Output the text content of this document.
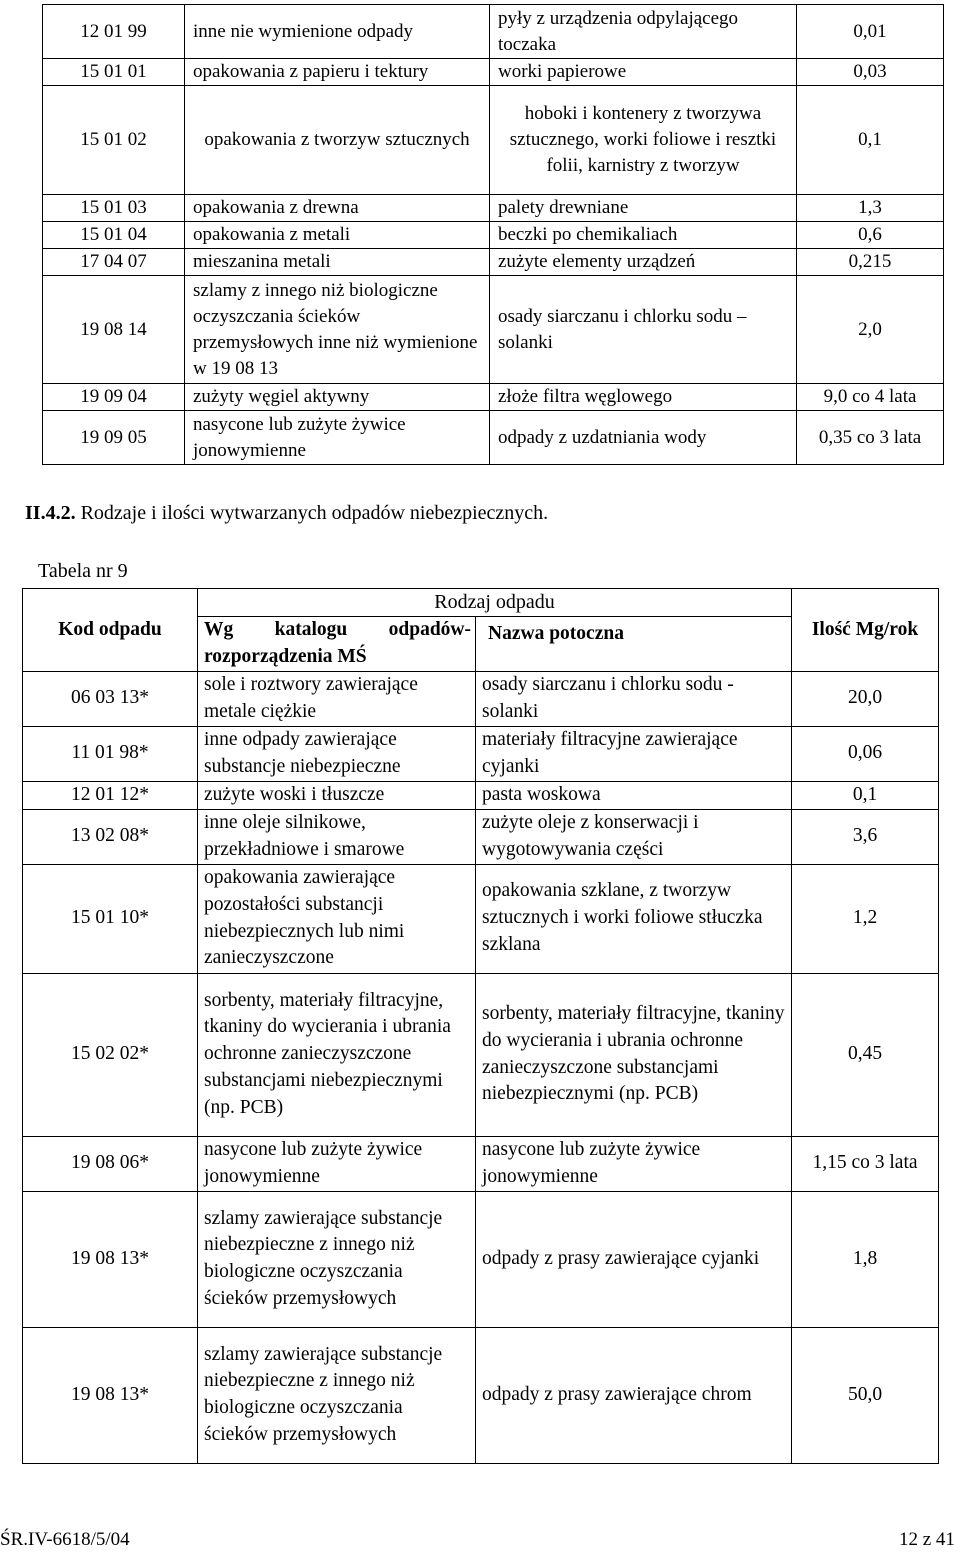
12 01 99	inne nie wymienione odpady	pyły z urządzenia odpylającego toczaka	0,01
15 01 01	opakowania z papieru i tektury	worki papierowe	0,03
15 01 02	opakowania z tworzyw sztucznych	hoboki i kontenery z tworzywa sztucznego, worki foliowe i resztki folii, karnistry z tworzyw	0,1
15 01 03	opakowania z drewna	palety drewniane	1,3
15 01 04	opakowania z metali	beczki po chemikaliach	0,6
17 04 07	mieszanina metali	zużyte elementy urządzeń	0,215
19 08 14	szlamy z innego niż biologiczne oczyszczania ścieków przemysłowych inne niż wymienione w 19 08 13	osady siarczanu i chlorku sodu – solanki	2,0
19 09 04	zużyty węgiel aktywny	złoże filtra węglowego	9,0 co 4 lata
19 09 05	nasycone lub zużyte żywice jonowymienne	odpady z uzdatniania wody	0,35 co 3 lata
II.4.2. Rodzaje i ilości wytwarzanych odpadów niebezpiecznych.
Tabela nr 9
Kod odpadu	Rodzaj odpadu		Ilość Mg/rok
	Wg katalogu odpadów- rozporządzenia MŚ	Nazwa potoczna	
06 03 13*	sole i roztwory zawierające metale ciężkie	osady siarczanu i chlorku sodu - solanki	20,0
11 01 98*	inne odpady zawierające substancje niebezpieczne	materiały filtracyjne zawierające cyjanki	0,06
12 01 12*	zużyte woski i tłuszcze	pasta woskowa	0,1
13 02 08*	inne oleje silnikowe, przekładniowe i smarowe	zużyte oleje z konserwacji i wygotowywania części	3,6
15 01 10*	opakowania zawierające pozostałości substancji niebezpiecznych lub nimi zanieczyszczone	opakowania szklane, z tworzyw sztucznych i worki foliowe stłuczka szklana	1,2
15 02 02*	sorbenty, materiały filtracyjne, tkaniny do wycierania i ubrania ochronne zanieczyszczone substancjami niebezpiecznymi (np. PCB)	sorbenty, materiały filtracyjne, tkaniny do wycierania i ubrania ochronne zanieczyszczone substancjami niebezpiecznymi (np. PCB)	0,45
19 08 06*	nasycone lub zużyte żywice jonowymienne	nasycone lub zużyte żywice jonowymienne	1,15 co 3 lata
19 08 13*	szlamy zawierające substancje niebezpieczne z innego niż biologiczne oczyszczania ścieków przemysłowych	odpady z prasy zawierające cyjanki	1,8
19 08 13*	szlamy zawierające substancje niebezpieczne z innego niż biologiczne oczyszczania ścieków przemysłowych	odpady z prasy zawierające chrom	50,0
ŚR.IV-6618/5/04	12 z 41
